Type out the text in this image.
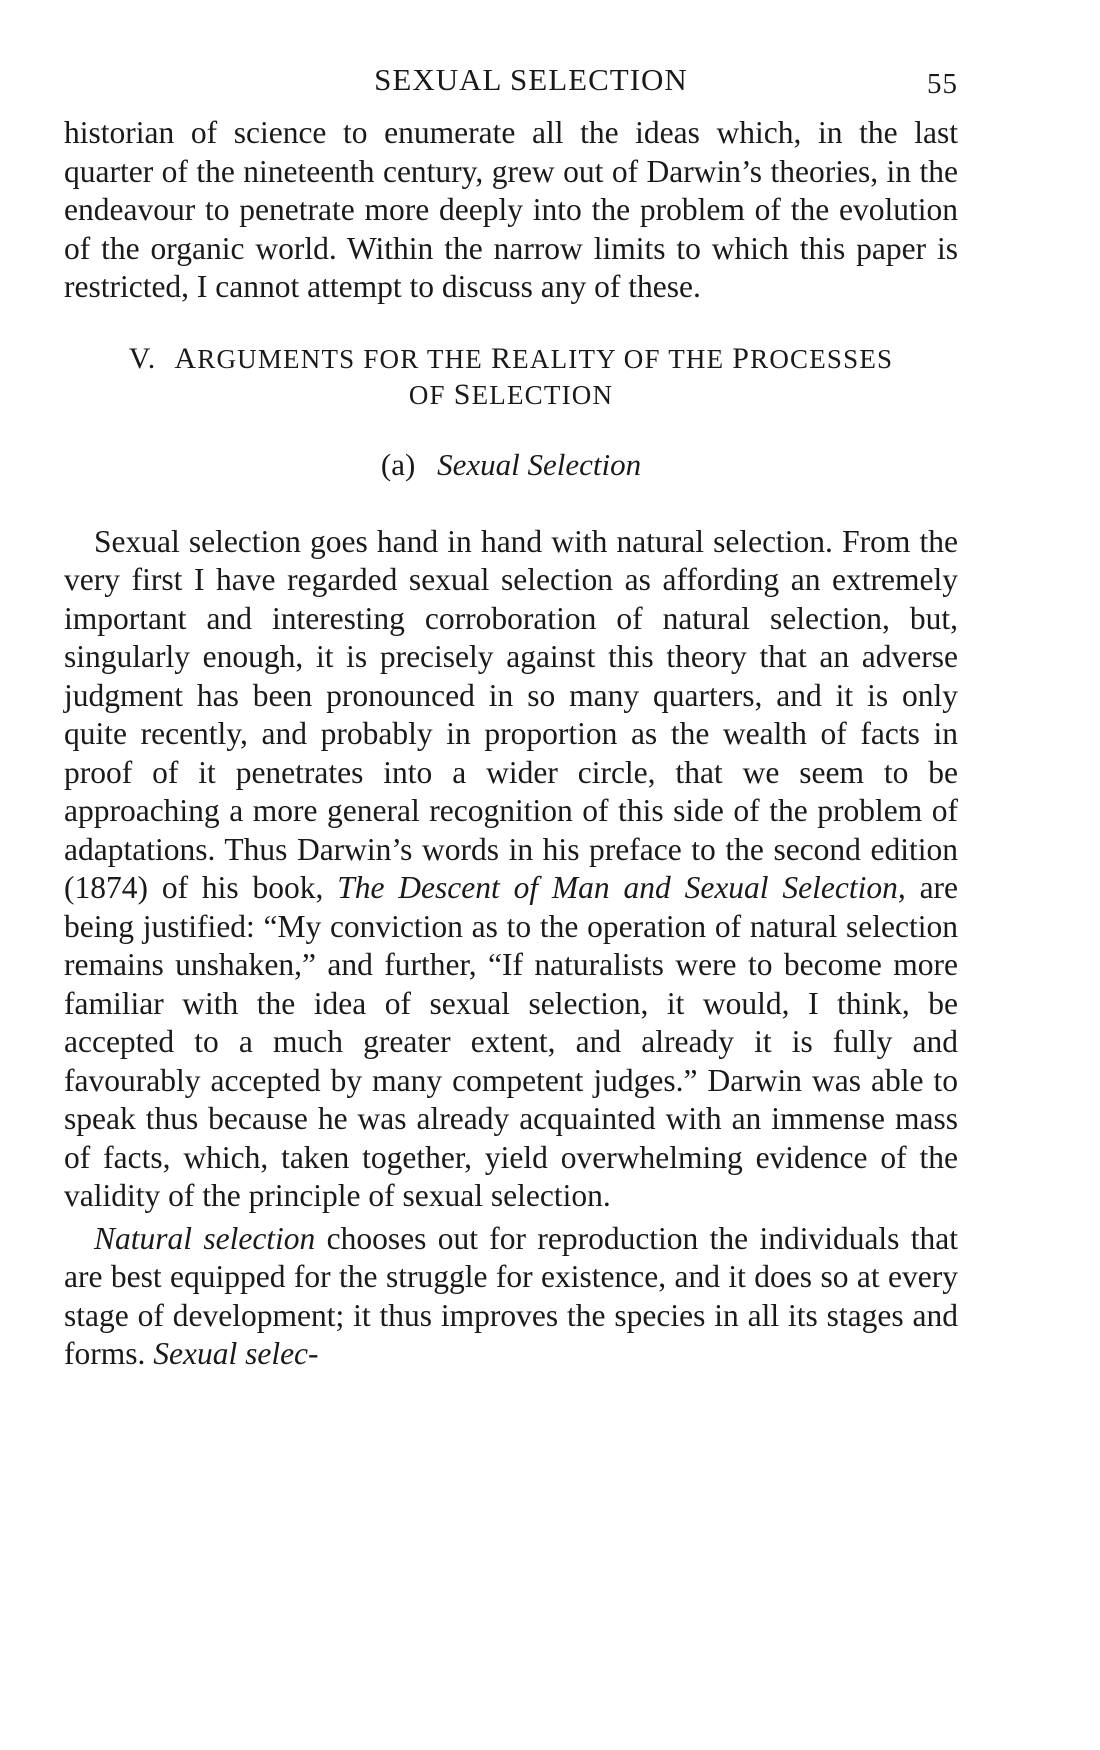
SEXUAL SELECTION	55

historian of science to enumerate all the ideas which, in the last quarter of the nineteenth century, grew out of Darwin’s theories, in the endeavour to penetrate more deeply into the problem of the evolution of the organic world. Within the narrow limits to which this paper is restricted, I cannot attempt to discuss any of these.

V. ARGUMENTS FOR THE REALITY OF THE PROCESSES
OF SELECTION
(a) Sexual Selection

Sexual selection goes hand in hand with natural selection. From the very first I have regarded sexual selection as affording an extremely important and interesting corroboration of natural selection, but, singularly enough, it is precisely against this theory that an adverse judgment has been pronounced in so many quarters, and it is only quite recently, and probably in proportion as the wealth of facts in proof of it penetrates into a wider circle, that we seem to be approaching a more general recognition of this side of the problem of adaptations. Thus Darwin’s words in his preface to the second edition (1874) of his book, The Descent of Man and Sexual Selection, are being justified: “My conviction as to the operation of natural selection remains unshaken,” and further, “If naturalists were to become more familiar with the idea of sexual selection, it would, I think, be accepted to a much greater extent, and already it is fully and favourably accepted by many competent judges.” Darwin was able to speak thus because he was already acquainted with an immense mass of facts, which, taken together, yield overwhelming evidence of the validity of the principle of sexual selection.

Natural selection chooses out for reproduction the individuals that are best equipped for the struggle for existence, and it does so at every stage of development; it thus improves the species in all its stages and forms. Sexual selec-
